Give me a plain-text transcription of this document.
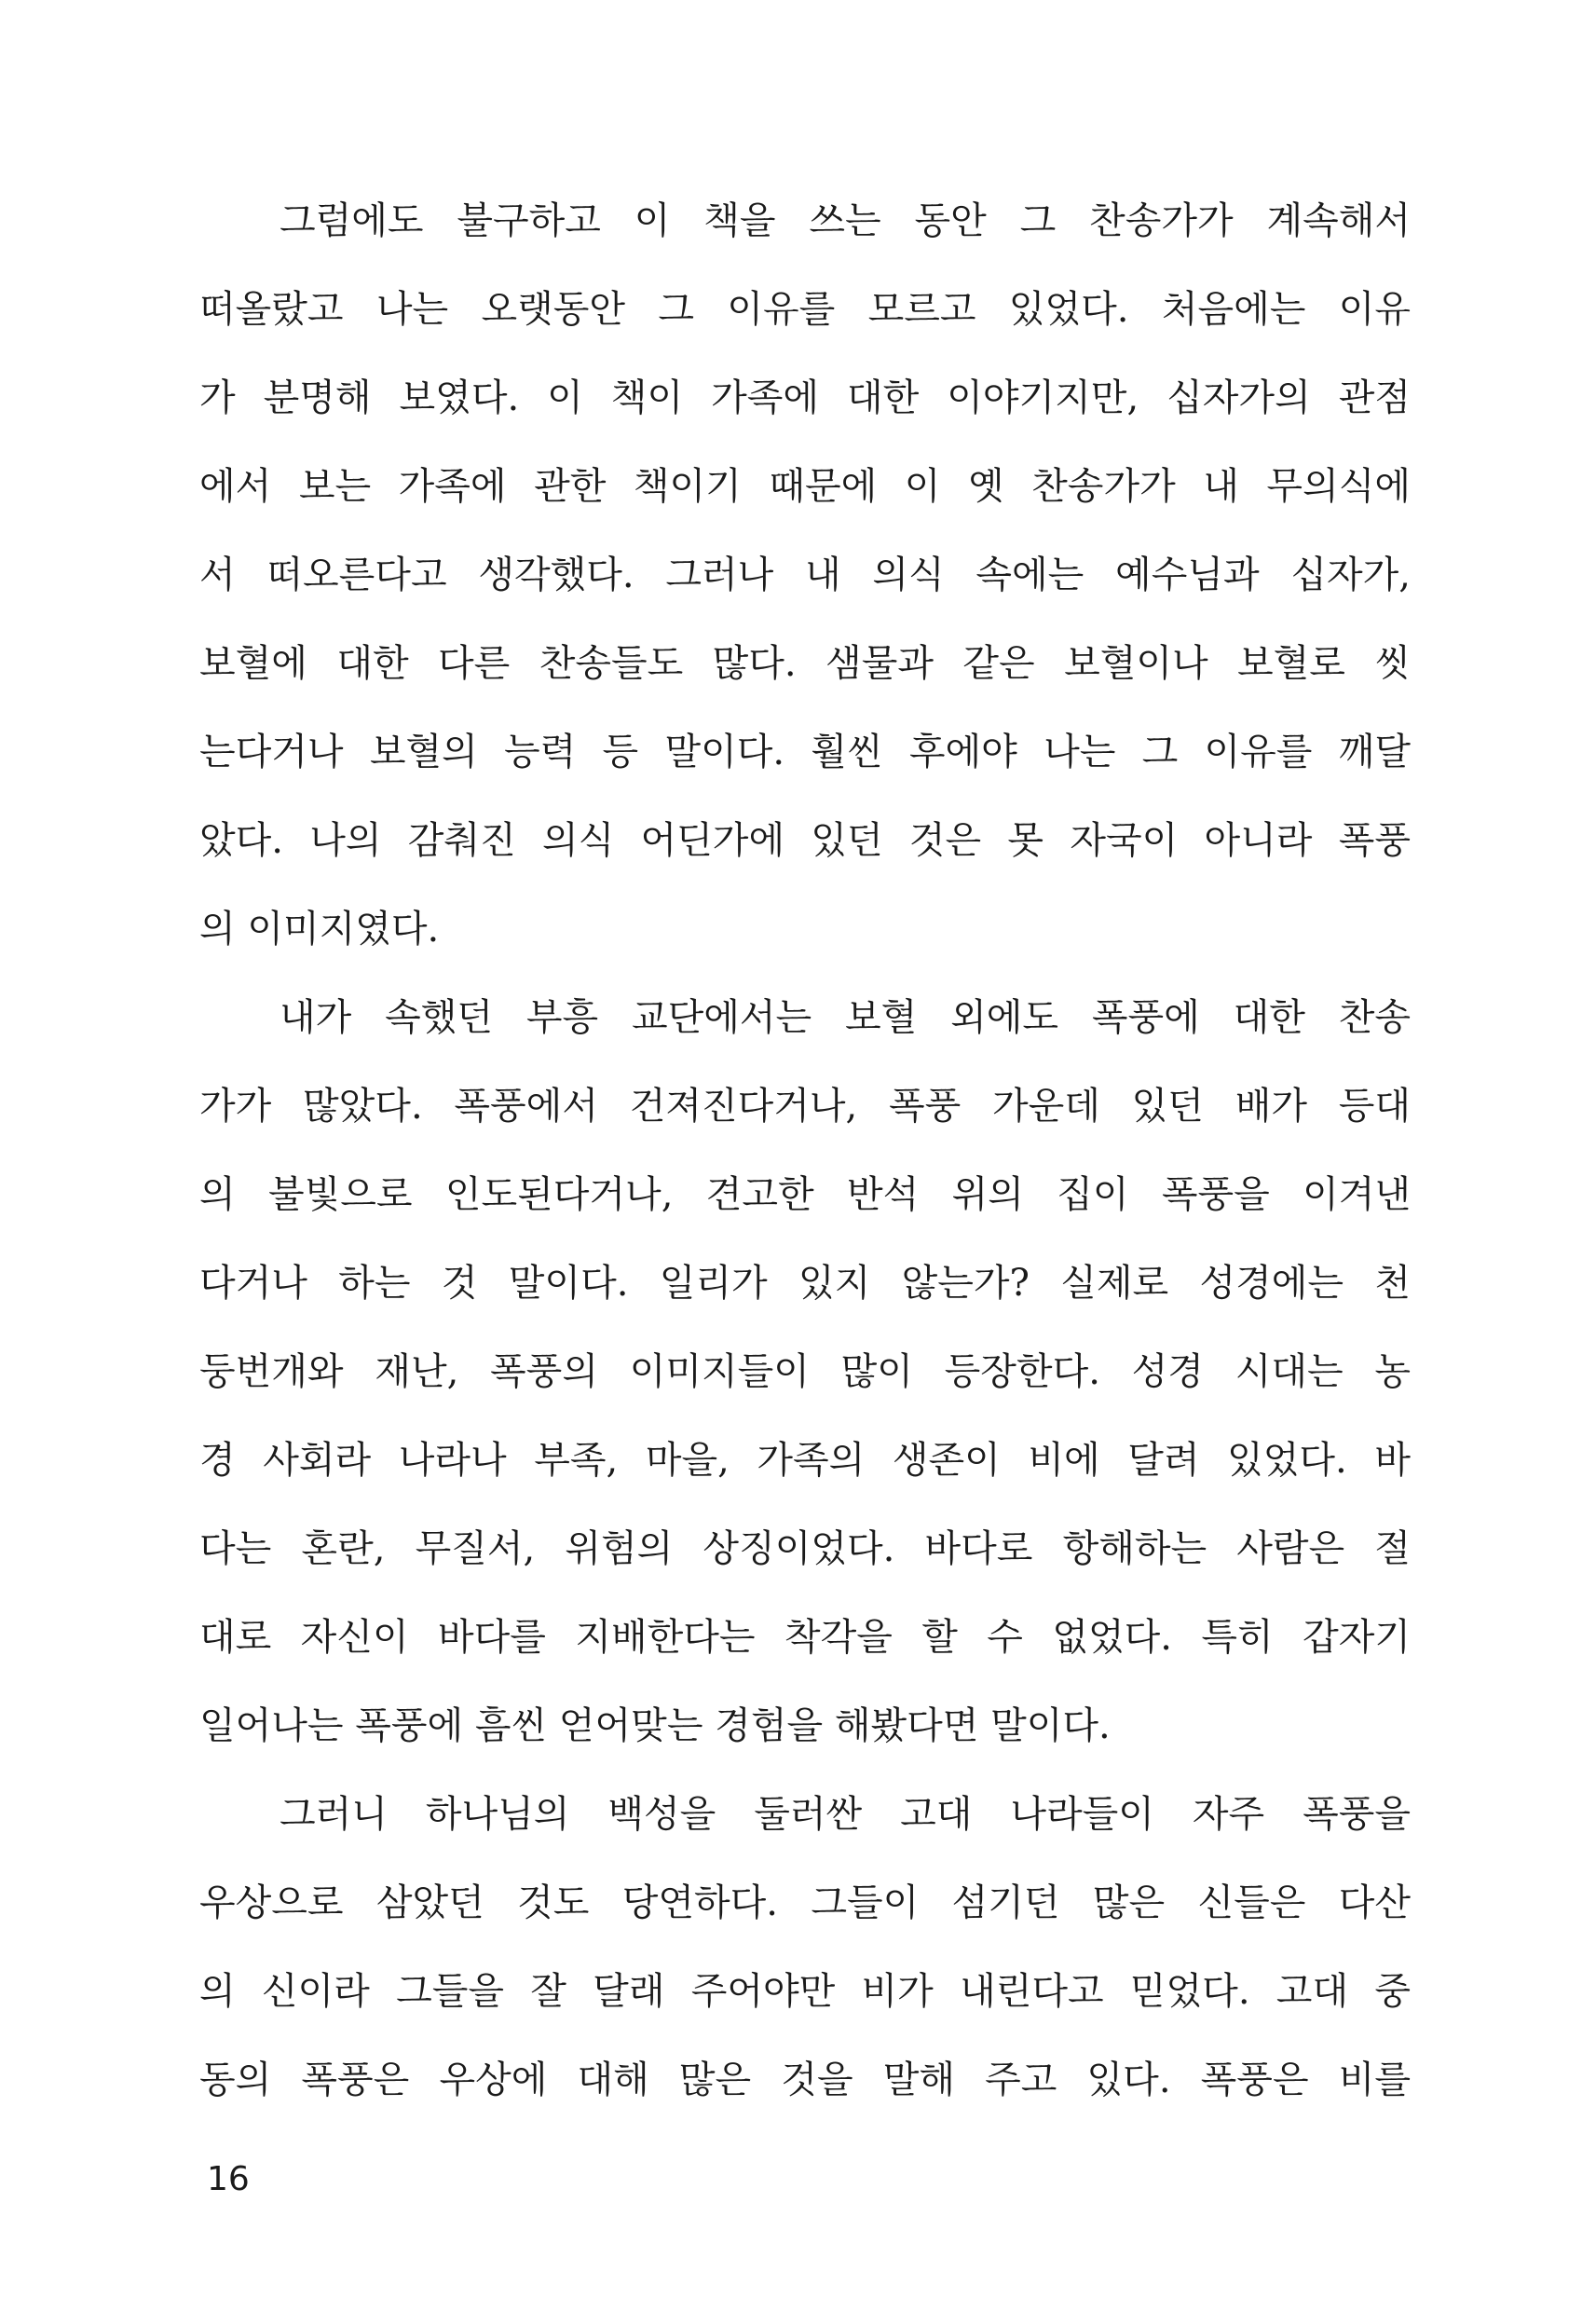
그럼에도 불구하고 이 책을 쓰는 동안 그 찬송가가 계속해서
떠올랐고 나는 오랫동안 그 이유를 모르고 있었다. 처음에는 이유
가 분명해 보였다. 이 책이 가족에 대한 이야기지만, 십자가의 관점
에서 보는 가족에 관한 책이기 때문에 이 옛 찬송가가 내 무의식에
서 떠오른다고 생각했다. 그러나 내 의식 속에는 예수님과 십자가,
보혈에 대한 다른 찬송들도 많다. 샘물과 같은 보혈이나 보혈로 씻
는다거나 보혈의 능력 등 말이다. 훨씬 후에야 나는 그 이유를 깨달
았다. 나의 감춰진 의식 어딘가에 있던 것은 못 자국이 아니라 폭풍
의 이미지였다.
내가 속했던 부흥 교단에서는 보혈 외에도 폭풍에 대한 찬송
가가 많았다. 폭풍에서 건져진다거나, 폭풍 가운데 있던 배가 등대
의 불빛으로 인도된다거나, 견고한 반석 위의 집이 폭풍을 이겨낸
다거나 하는 것 말이다. 일리가 있지 않는가? 실제로 성경에는 천
둥번개와 재난, 폭풍의 이미지들이 많이 등장한다. 성경 시대는 농
경 사회라 나라나 부족, 마을, 가족의 생존이 비에 달려 있었다. 바
다는 혼란, 무질서, 위험의 상징이었다. 바다로 항해하는 사람은 절
대로 자신이 바다를 지배한다는 착각을 할 수 없었다. 특히 갑자기
일어나는 폭풍에 흠씬 얻어맞는 경험을 해봤다면 말이다.
그러니 하나님의 백성을 둘러싼 고대 나라들이 자주 폭풍을
우상으로 삼았던 것도 당연하다. 그들이 섬기던 많은 신들은 다산
의 신이라 그들을 잘 달래 주어야만 비가 내린다고 믿었다. 고대 중
동의 폭풍은 우상에 대해 많은 것을 말해 주고 있다. 폭풍은 비를
16
